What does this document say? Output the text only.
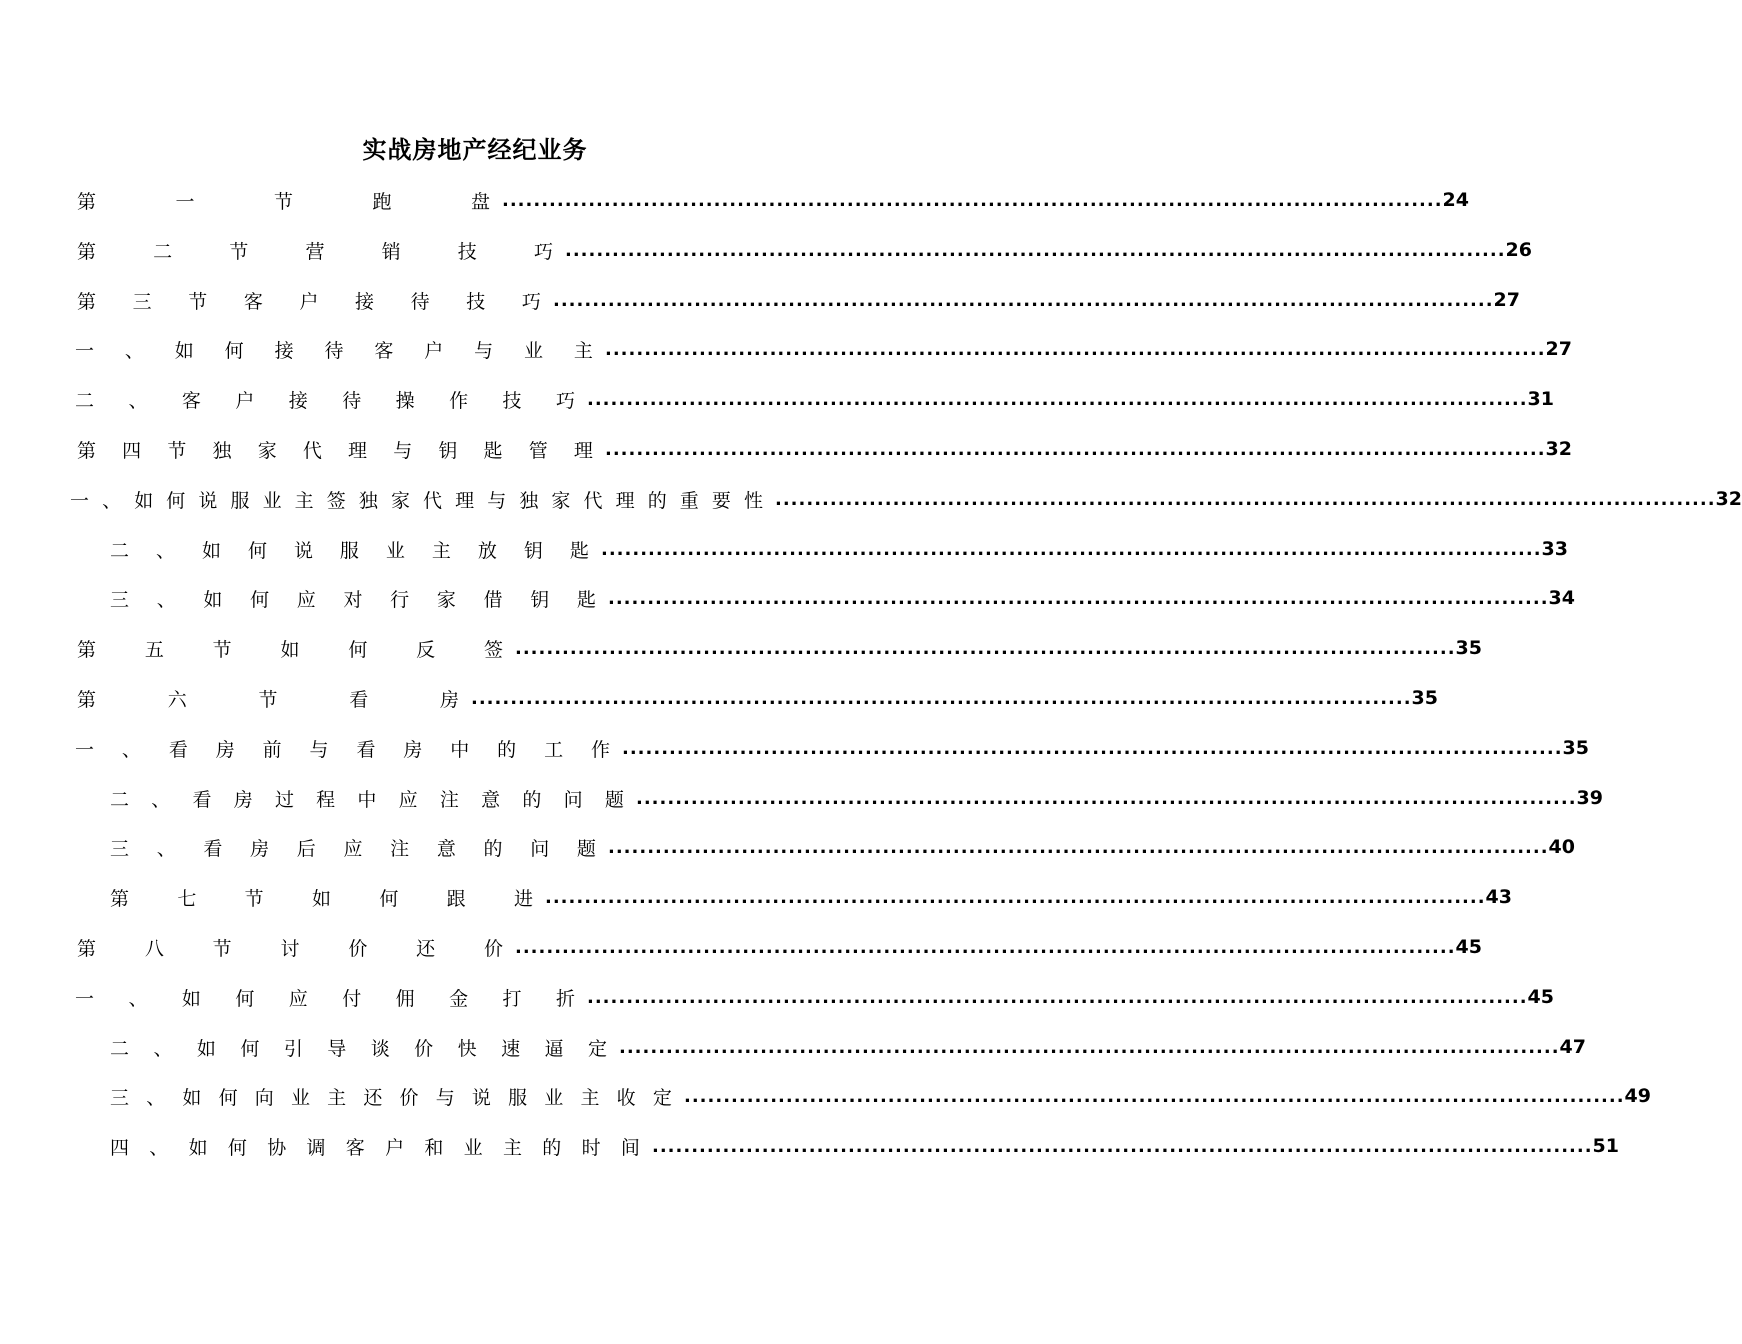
实战房地产经纪业务
第	一	节	跑	盘 ........................................................................................................................ 24
第	二	节	营	销	技	巧 ........................................................................................................................ 26
第 三 节 客 户 接 待 技 巧 ........................................................................................................................ 27
一 、 如 何 接 待 客 户 与 业 主 ........................................................................................................................ 27
二 、 客 户 接 待 操 作 技 巧 ........................................................................................................................ 31
第 四 节 独 家 代 理 与 钥 匙 管 理 ........................................................................................................................ 32
一 、 如 何 说 服 业 主 签 独 家 代 理 与 独 家 代 理 的 重 要 性 ........................................................................................................................ 32
二 、 如 何 说 服 业 主 放 钥 匙 ........................................................................................................................ 33
三 、 如 何 应 对 行 家 借 钥 匙 ........................................................................................................................ 34
第	五	节	如	何	反	签 ........................................................................................................................ 35
第	六	节	看	房 ........................................................................................................................ 35
一 、 看 房 前 与 看 房 中 的 工 作 ........................................................................................................................ 35
二 、 看 房 过 程 中 应 注 意 的 问 题 ........................................................................................................................ 39
三 、 看 房 后 应 注 意 的 问 题 ........................................................................................................................ 40
第	七	节	如	何	跟	进 ........................................................................................................................ 43
第	八	节	讨	价	还	价 ........................................................................................................................ 45
一 、 如 何 应 付 佣 金 打 折 ........................................................................................................................ 45
二 、 如 何 引 导 谈 价 快 速 逼 定 ........................................................................................................................ 47
三 、 如 何 向 业 主 还 价 与 说 服 业 主 收 定 ........................................................................................................................ 49
四 、 如 何 协 调 客 户 和 业 主 的 时 间 ........................................................................................................................ 51
